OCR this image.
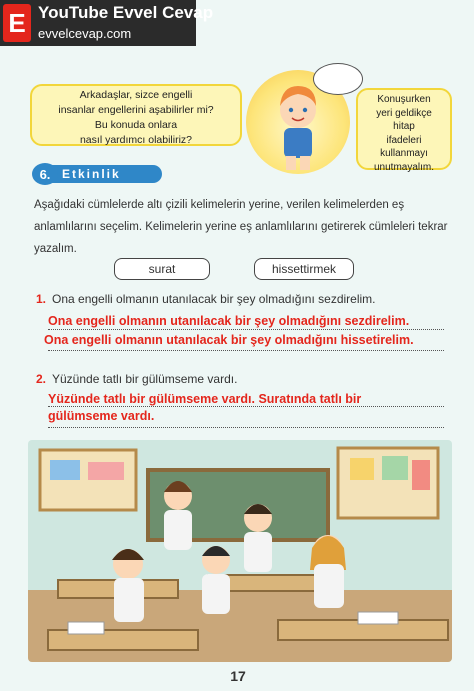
E YouTube Evvel Cevap
evvelcevap.com
Arkadaşlar, sizce engelli
insanlar engellerini aşabilirler mi?
Bu konuda onlara
nasıl yardımcı olabiliriz?
Konuşurken
yeri geldikçe
hitap
ifadeleri
kullanmayı
unutmayalım.
Etkinlik
6.
Aşağıdaki cümlelerde altı çizili kelimelerin yerine, verilen kelimelerden eş anlamlılarını seçelim. Kelimelerin yerine eş anlamlılarını getirerek cümleleri tekrar yazalım.
surat	hissettirmek
1. Ona engelli olmanın utanılacak bir şey olmadığını sezdirelim.
Ona engelli olmanın utanılacak bir şey olmadığını sezdirelim.
Ona engelli olmanın utanılacak bir şey olmadığını hissetirelim.
2. Yüzünde tatlı bir gülümseme vardı.
Yüzünde tatlı bir gülümseme vardı. Suratında tatlı bir
gülümseme vardı.
17
